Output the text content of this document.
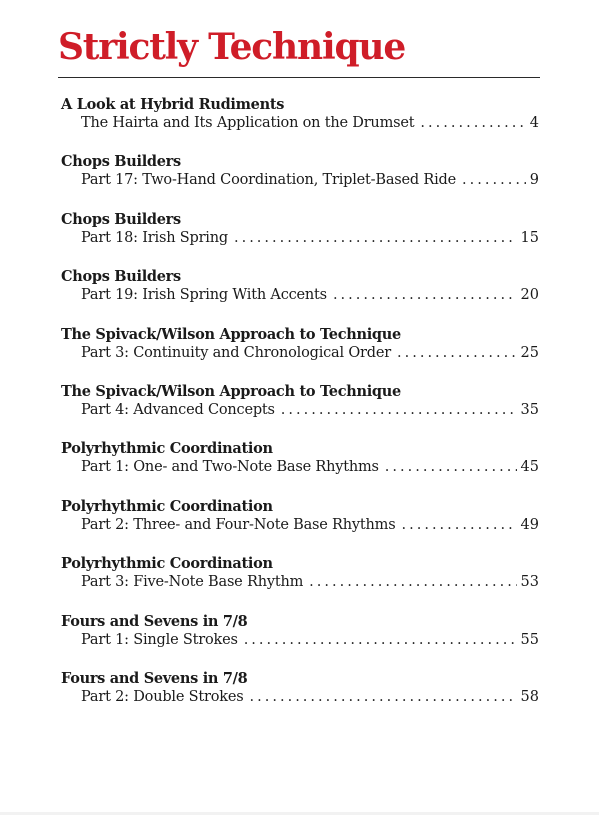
Strictly Technique
A Look at Hybrid Rudiments
The Hairta and Its Application on the Drumset . . .	4
Chops Builders
Part 17: Two-Hand Coordination, Triplet-Based Ride . . .	9
Chops Builders
Part 18: Irish Spring . . .	15
Chops Builders
Part 19: Irish Spring With Accents . . .	20
The Spivack/Wilson Approach to Technique
Part 3: Continuity and Chronological Order . . .	25
The Spivack/Wilson Approach to Technique
Part 4: Advanced Concepts . . .	35
Polyrhythmic Coordination
Part 1: One- and Two-Note Base Rhythms . . .	45
Polyrhythmic Coordination
Part 2: Three- and Four-Note Base Rhythms . . .	49
Polyrhythmic Coordination
Part 3: Five-Note Base Rhythm . . .	53
Fours and Sevens in 7/8
Part 1: Single Strokes . . .	55
Fours and Sevens in 7/8
Part 2: Double Strokes . . .	58
